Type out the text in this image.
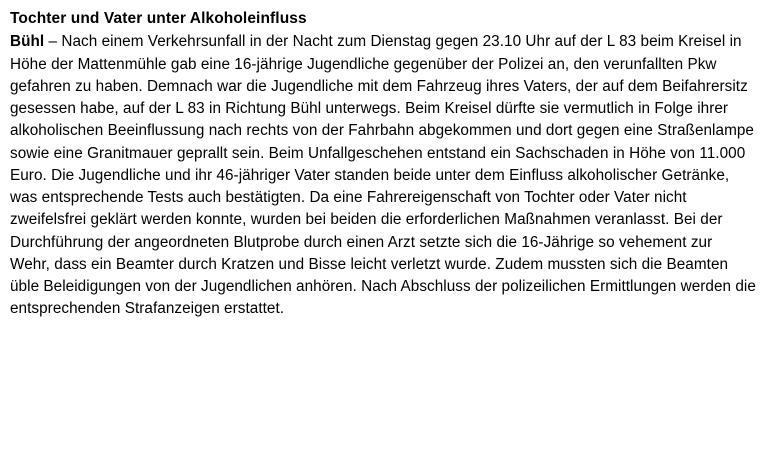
Tochter und Vater unter Alkoholeinfluss

Bühl – Nach einem Verkehrsunfall in der Nacht zum Dienstag gegen 23.10 Uhr auf der L 83 beim Kreisel in Höhe der Mattenmühle gab eine 16-jährige Jugendliche gegenüber der Polizei an, den verunfallten Pkw gefahren zu haben. Demnach war die Jugendliche mit dem Fahrzeug ihres Vaters, der auf dem Beifahrersitz gesessen habe, auf der L 83 in Richtung Bühl unterwegs. Beim Kreisel dürfte sie vermutlich in Folge ihrer alkoholischen Beeinflussung nach rechts von der Fahrbahn abgekommen und dort gegen eine Straßenlampe sowie eine Granitmauer geprallt sein. Beim Unfallgeschehen entstand ein Sachschaden in Höhe von 11.000 Euro. Die Jugendliche und ihr 46-jähriger Vater standen beide unter dem Einfluss alkoholischer Getränke, was entsprechende Tests auch bestätigten. Da eine Fahrereigenschaft von Tochter oder Vater nicht zweifelsfrei geklärt werden konnte, wurden bei beiden die erforderlichen Maßnahmen veranlasst. Bei der Durchführung der angeordneten Blutprobe durch einen Arzt setzte sich die 16-Jährige so vehement zur Wehr, dass ein Beamter durch Kratzen und Bisse leicht verletzt wurde. Zudem mussten sich die Beamten üble Beleidigungen von der Jugendlichen anhören. Nach Abschluss der polizeilichen Ermittlungen werden die entsprechenden Strafanzeigen erstattet.
